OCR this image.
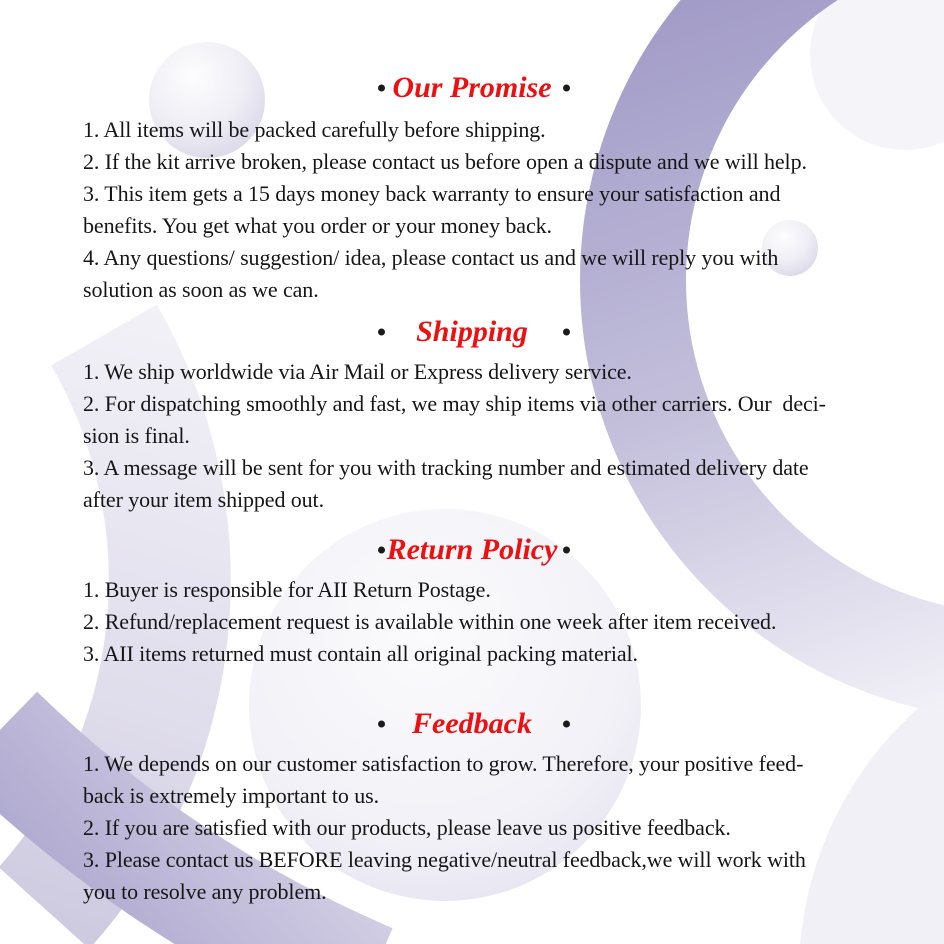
Our Promise
1. All items will be packed carefully before shipping.
2. If the kit arrive broken, please contact us before open a dispute and we will help.
3. This item gets a 15 days money back warranty to ensure your satisfaction and
benefits. You get what you order or your money back.
4. Any questions/ suggestion/ idea, please contact us and we will reply you with
solution as soon as we can.
Shipping
1. We ship worldwide via Air Mail or Express delivery service.
2. For dispatching smoothly and fast, we may ship items via other carriers. Our  deci-
sion is final.
3. A message will be sent for you with tracking number and estimated delivery date
after your item shipped out.
Return Policy
1. Buyer is responsible for AII Return Postage.
2. Refund/replacement request is available within one week after item received.
3. AII items returned must contain all original packing material.
Feedback
1. We depends on our customer satisfaction to grow. Therefore, your positive feed-
back is extremely important to us.
2. If you are satisfied with our products, please leave us positive feedback.
3. Please contact us BEFORE leaving negative/neutral feedback,we will work with
you to resolve any problem.
